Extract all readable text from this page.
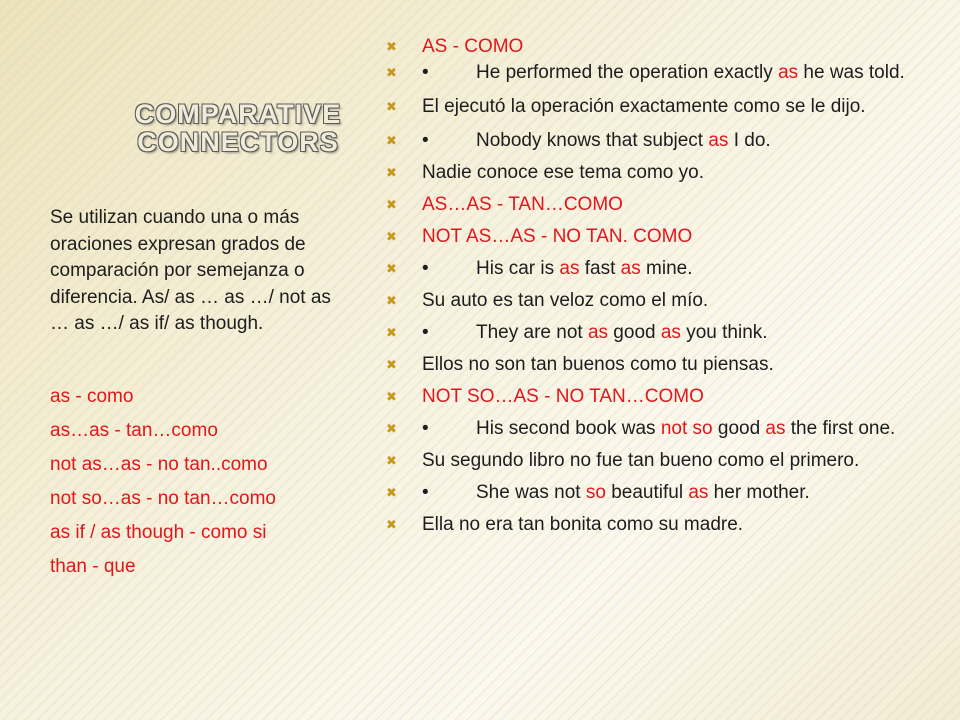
COMPARATIVE
CONNECTORS
Se utilizan cuando una o más oraciones expresan grados de comparación por semejanza o diferencia. As/ as … as …/ not as … as …/ as if/ as though.
as - como
as…as - tan…como
not as…as - no tan..como
not so…as - no tan…como
as if / as though - como si
than - que
✖ AS - COMO
✖ • He performed the operation exactly as he was told.
✖ El ejecutó la operación exactamente como se le dijo.
✖ • Nobody knows that subject as I do.
✖ Nadie conoce ese tema como yo.
✖ AS…AS - TAN…COMO
✖ NOT AS…AS - NO TAN. COMO
✖ • His car is as fast as mine.
✖ Su auto es tan veloz como el mío.
✖ • They are not as good as you think.
✖ Ellos no son tan buenos como tu piensas.
✖ NOT SO…AS - NO TAN…COMO
✖ • His second book was not so good as the first one.
✖ Su segundo libro no fue tan bueno como el primero.
✖ • She was not so beautiful as her mother.
✖ Ella no era tan bonita como su madre.
